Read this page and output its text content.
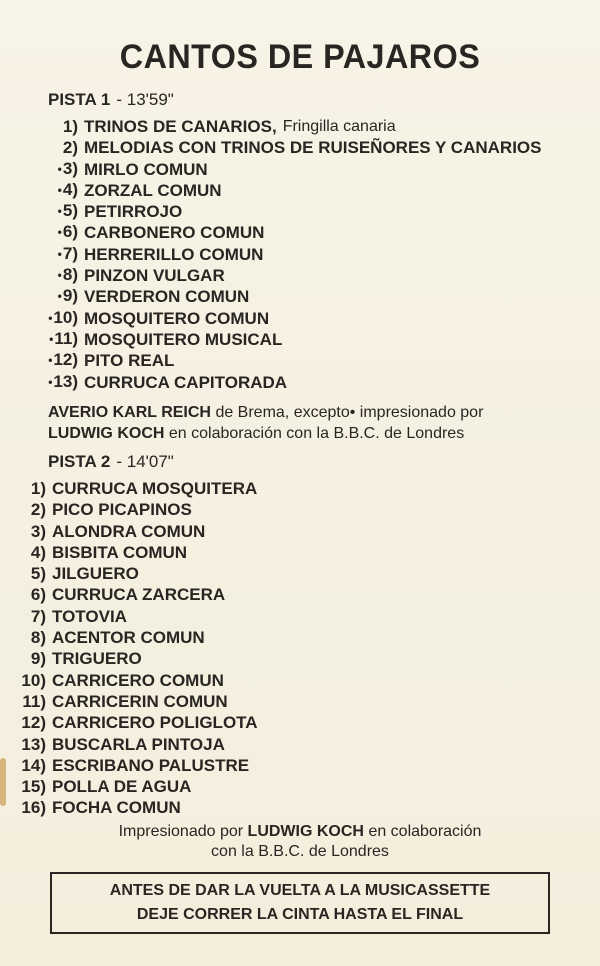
CANTOS DE PAJAROS
PISTA 1 - 13'59"
1) TRINOS DE CANARIOS, Fringilla canaria
2) MELODIAS CON TRINOS DE RUISEÑORES Y CANARIOS
•3) MIRLO COMUN
•4) ZORZAL COMUN
•5) PETIRROJO
•6) CARBONERO COMUN
•7) HERRERILLO COMUN
•8) PINZON VULGAR
•9) VERDERON COMUN
•10) MOSQUITERO COMUN
•11) MOSQUITERO MUSICAL
•12) PITO REAL
•13) CURRUCA CAPITORADA
AVERIO KARL REICH de Brema, excepto• impresionado por
LUDWIG KOCH en colaboración con la B.B.C. de Londres
PISTA 2 - 14'07"
1) CURRUCA MOSQUITERA
2) PICO PICAPINOS
3) ALONDRA COMUN
4) BISBITA COMUN
5) JILGUERO
6) CURRUCA ZARCERA
7) TOTOVIA
8) ACENTOR COMUN
9) TRIGUERO
10) CARRICERO COMUN
11) CARRICERIN COMUN
12) CARRICERO POLIGLOTA
13) BUSCARLA PINTOJA
14) ESCRIBANO PALUSTRE
15) POLLA DE AGUA
16) FOCHA COMUN
Impresionado por LUDWIG KOCH en colaboración
con la B.B.C. de Londres
ANTES DE DAR LA VUELTA A LA MUSICASSETTE
DEJE CORRER LA CINTA HASTA EL FINAL
